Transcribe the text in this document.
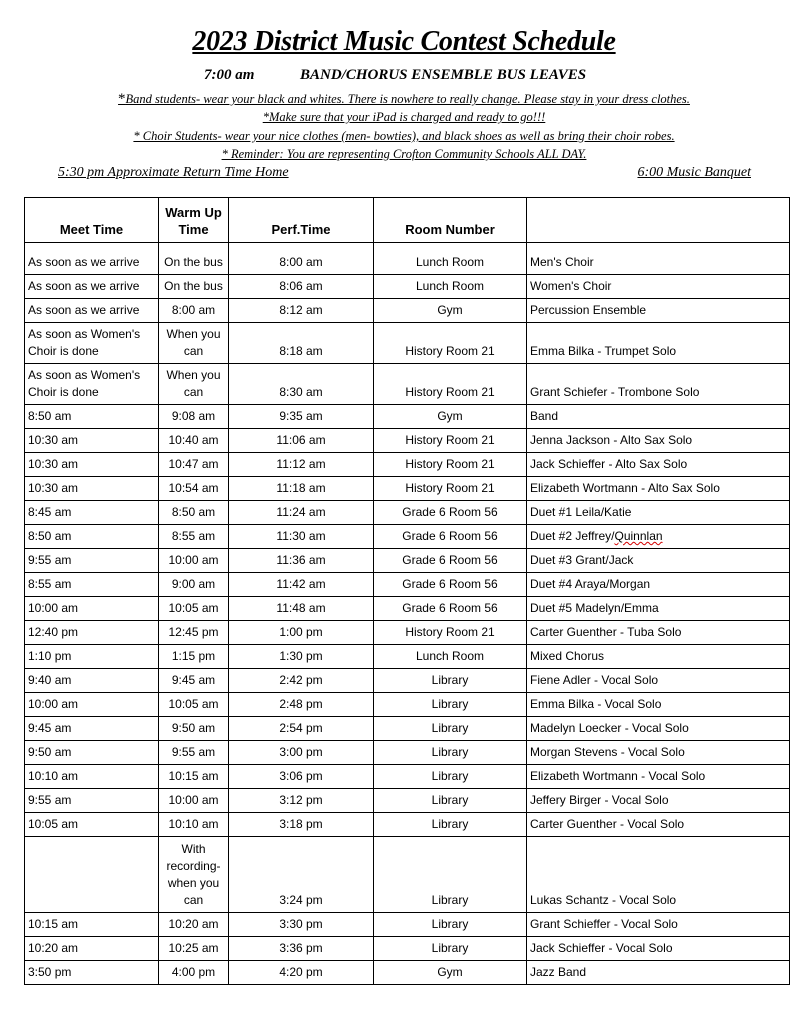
2023 District Music Contest Schedule
7:00 am	BAND/CHORUS ENSEMBLE BUS LEAVES
*Band students- wear your black and whites. There is nowhere to really change. Please stay in your dress clothes.
*Make sure that your iPad is charged and ready to go!!!
* Choir Students- wear your nice clothes (men- bowties), and black shoes as well as bring their choir robes.
* Reminder: You are representing Crofton Community Schools ALL DAY.
5:30 pm Approximate Return Time Home	6:00 Music Banquet
Meet Time	Warm Up Time	Perf.Time	Room Number	
As soon as we arrive	On the bus	8:00 am	Lunch Room	Men's Choir
As soon as we arrive	On the bus	8:06 am	Lunch Room	Women's Choir
As soon as we arrive	8:00 am	8:12 am	Gym	Percussion Ensemble
As soon as Women's Choir is done	When you can	8:18 am	History Room 21	Emma Bilka - Trumpet Solo
As soon as Women's Choir is done	When you can	8:30 am	History Room 21	Grant Schiefer - Trombone Solo
8:50 am	9:08 am	9:35 am	Gym	Band
10:30 am	10:40 am	11:06 am	History Room 21	Jenna Jackson - Alto Sax Solo
10:30 am	10:47 am	11:12 am	History Room 21	Jack Schieffer - Alto Sax Solo
10:30 am	10:54 am	11:18 am	History Room 21	Elizabeth Wortmann - Alto Sax Solo
8:45 am	8:50 am	11:24 am	Grade 6 Room 56	Duet #1 Leila/Katie
8:50 am	8:55 am	11:30 am	Grade 6 Room 56	Duet #2 Jeffrey/Quinnlan
9:55 am	10:00 am	11:36 am	Grade 6 Room 56	Duet #3 Grant/Jack
8:55 am	9:00 am	11:42 am	Grade 6 Room 56	Duet #4 Araya/Morgan
10:00 am	10:05 am	11:48 am	Grade 6 Room 56	Duet #5 Madelyn/Emma
12:40 pm	12:45 pm	1:00 pm	History Room 21	Carter Guenther - Tuba Solo
1:10 pm	1:15 pm	1:30 pm	Lunch Room	Mixed Chorus
9:40 am	9:45 am	2:42 pm	Library	Fiene Adler - Vocal Solo
10:00 am	10:05 am	2:48 pm	Library	Emma Bilka - Vocal Solo
9:45 am	9:50 am	2:54 pm	Library	Madelyn Loecker - Vocal Solo
9:50 am	9:55 am	3:00 pm	Library	Morgan Stevens - Vocal Solo
10:10 am	10:15 am	3:06 pm	Library	Elizabeth Wortmann - Vocal Solo
9:55 am	10:00 am	3:12 pm	Library	Jeffery Birger - Vocal Solo
10:05 am	10:10 am	3:18 pm	Library	Carter Guenther - Vocal Solo
	With recording- when you can	3:24 pm	Library	Lukas Schantz - Vocal Solo
10:15 am	10:20 am	3:30 pm	Library	Grant Schieffer - Vocal Solo
10:20 am	10:25 am	3:36 pm	Library	Jack Schieffer - Vocal Solo
3:50 pm	4:00 pm	4:20 pm	Gym	Jazz Band
